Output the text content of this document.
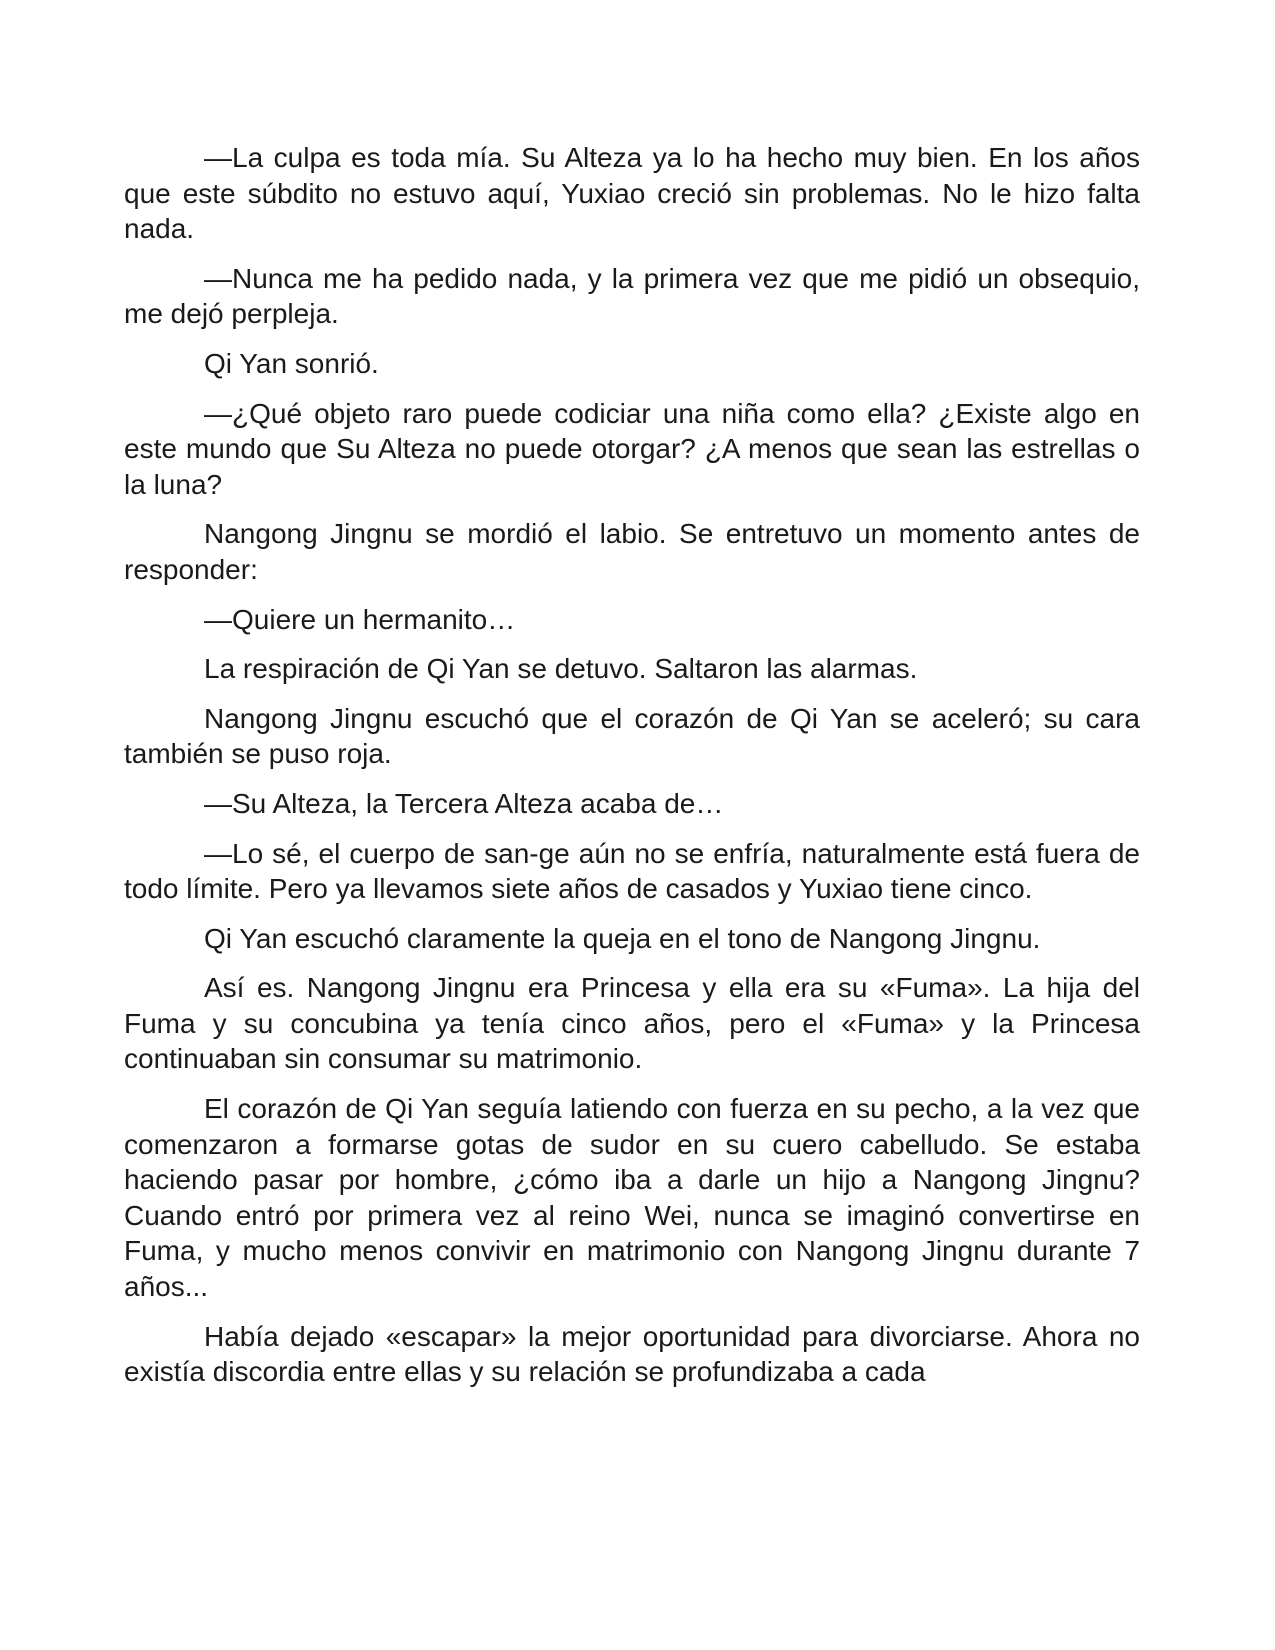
—La culpa es toda mía. Su Alteza ya lo ha hecho muy bien. En los años que este súbdito no estuvo aquí, Yuxiao creció sin problemas. No le hizo falta nada.

—Nunca me ha pedido nada, y la primera vez que me pidió un obsequio, me dejó perpleja.

Qi Yan sonrió.

—¿Qué objeto raro puede codiciar una niña como ella? ¿Existe algo en este mundo que Su Alteza no puede otorgar? ¿A menos que sean las estrellas o la luna?

Nangong Jingnu se mordió el labio. Se entretuvo un momento antes de responder:

—Quiere un hermanito…

La respiración de Qi Yan se detuvo. Saltaron las alarmas.

Nangong Jingnu escuchó que el corazón de Qi Yan se aceleró; su cara también se puso roja.

—Su Alteza, la Tercera Alteza acaba de…

—Lo sé, el cuerpo de san-ge aún no se enfría, naturalmente está fuera de todo límite. Pero ya llevamos siete años de casados y Yuxiao tiene cinco.

Qi Yan escuchó claramente la queja en el tono de Nangong Jingnu.

Así es. Nangong Jingnu era Princesa y ella era su «Fuma». La hija del Fuma y su concubina ya tenía cinco años, pero el «Fuma» y la Princesa continuaban sin consumar su matrimonio.

El corazón de Qi Yan seguía latiendo con fuerza en su pecho, a la vez que comenzaron a formarse gotas de sudor en su cuero cabelludo. Se estaba haciendo pasar por hombre, ¿cómo iba a darle un hijo a Nangong Jingnu? Cuando entró por primera vez al reino Wei, nunca se imaginó convertirse en Fuma, y mucho menos convivir en matrimonio con Nangong Jingnu durante 7 años...

Había dejado «escapar» la mejor oportunidad para divorciarse. Ahora no existía discordia entre ellas y su relación se profundizaba a cada
